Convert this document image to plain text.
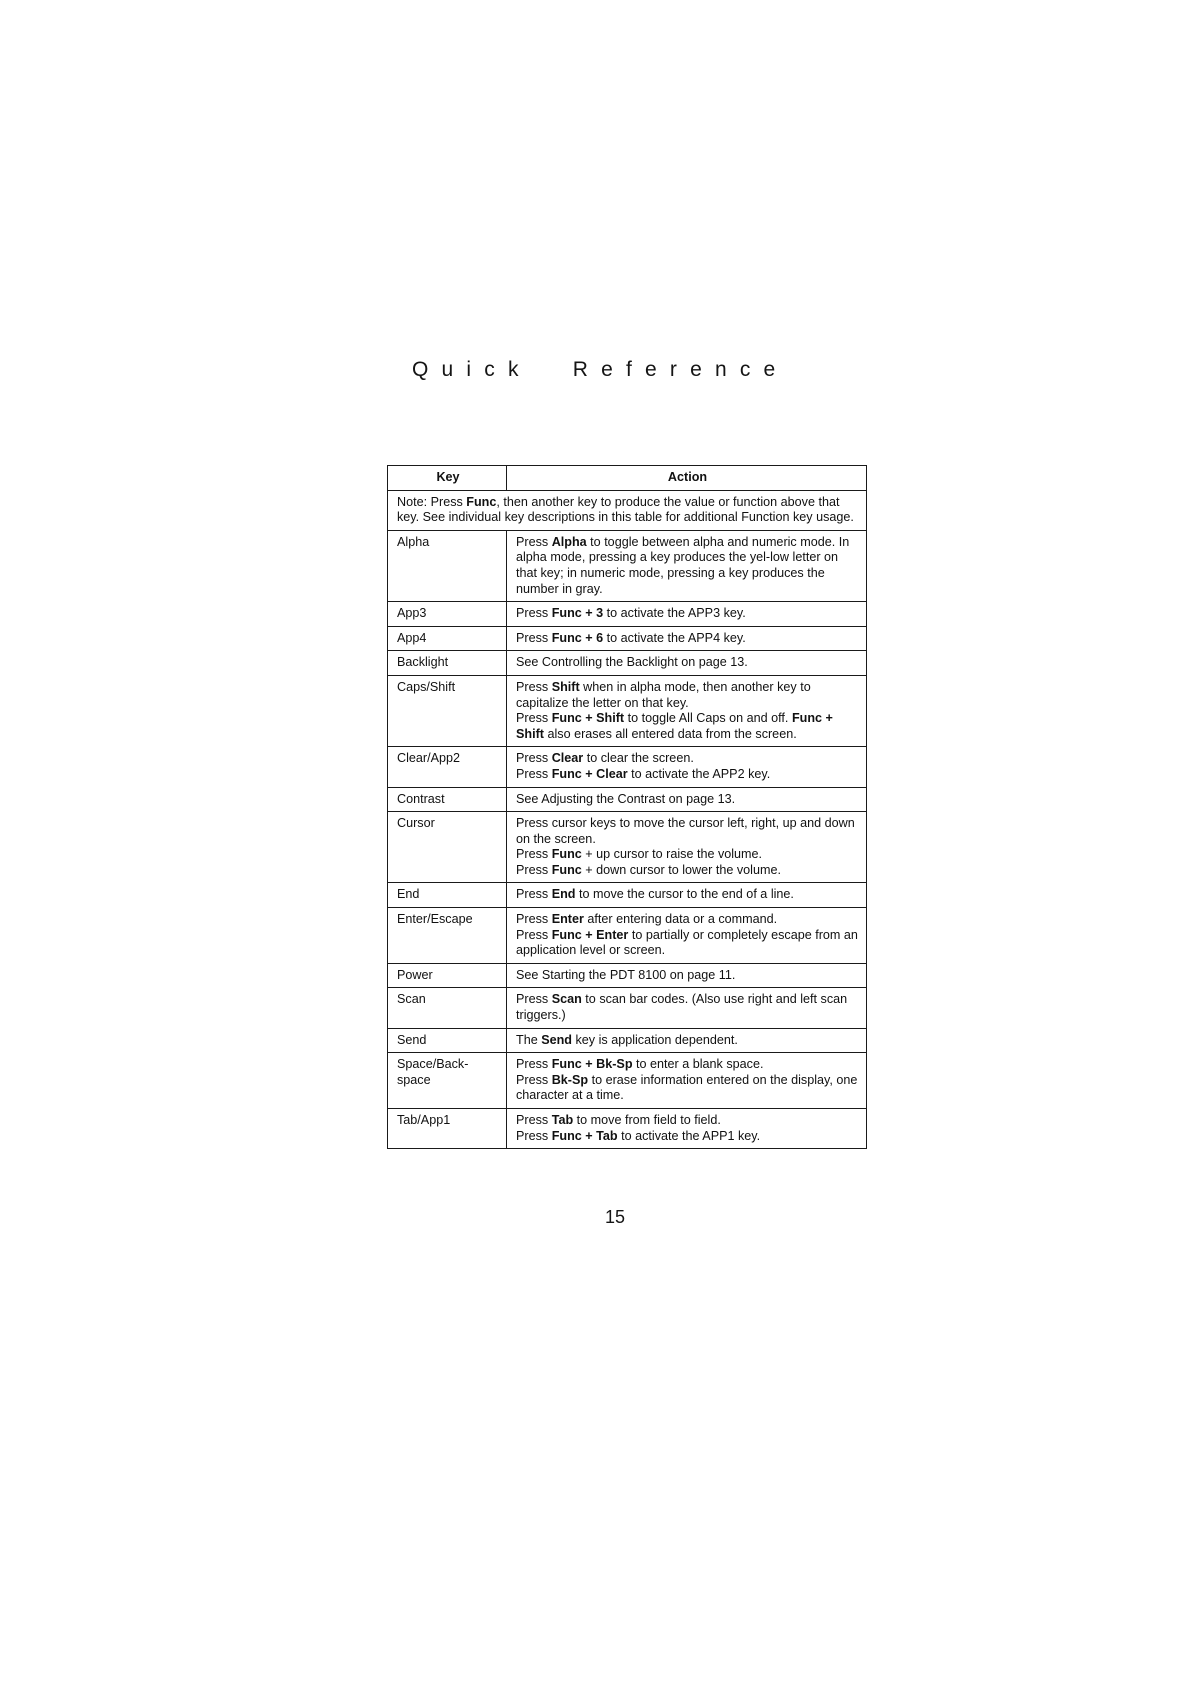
Quick Reference
Key	Action
Note: Press Func, then another key to produce the value or function above that key. See individual key descriptions in this table for additional Function key usage.	
Alpha	Press Alpha to toggle between alpha and numeric mode. In alpha mode, pressing a key produces the yel-low letter on that key; in numeric mode, pressing a key produces the number in gray.

App3	Press Func + 3 to activate the APP3 key.

App4	Press Func + 6 to activate the APP4 key.

Backlight	See Controlling the Backlight on page 13.

Caps/Shift	Press Shift when in alpha mode, then another key to capitalize the letter on that key.
Press Func + Shift to toggle All Caps on and off. Func + Shift also erases all entered data from the screen.

Clear/App2	Press Clear to clear the screen.
Press Func + Clear to activate the APP2 key.

Contrast	See Adjusting the Contrast on page 13.

Cursor	Press cursor keys to move the cursor left, right, up and down on the screen.
Press Func + up cursor to raise the volume.
Press Func + down cursor to lower the volume.

End	Press End to move the cursor to the end of a line.

Enter/Escape	Press Enter after entering data or a command.
Press Func + Enter to partially or completely escape from an application level or screen.

Power	See Starting the PDT 8100 on page 11.

Scan	Press Scan to scan bar codes. (Also use right and left scan triggers.)

Send	The Send key is application dependent.

Space/Back-space	Press Func + Bk-Sp to enter a blank space.
Press Bk-Sp to erase information entered on the display, one character at a time.

Tab/App1	Press Tab to move from field to field.
Press Func + Tab to activate the APP1 key.
15
